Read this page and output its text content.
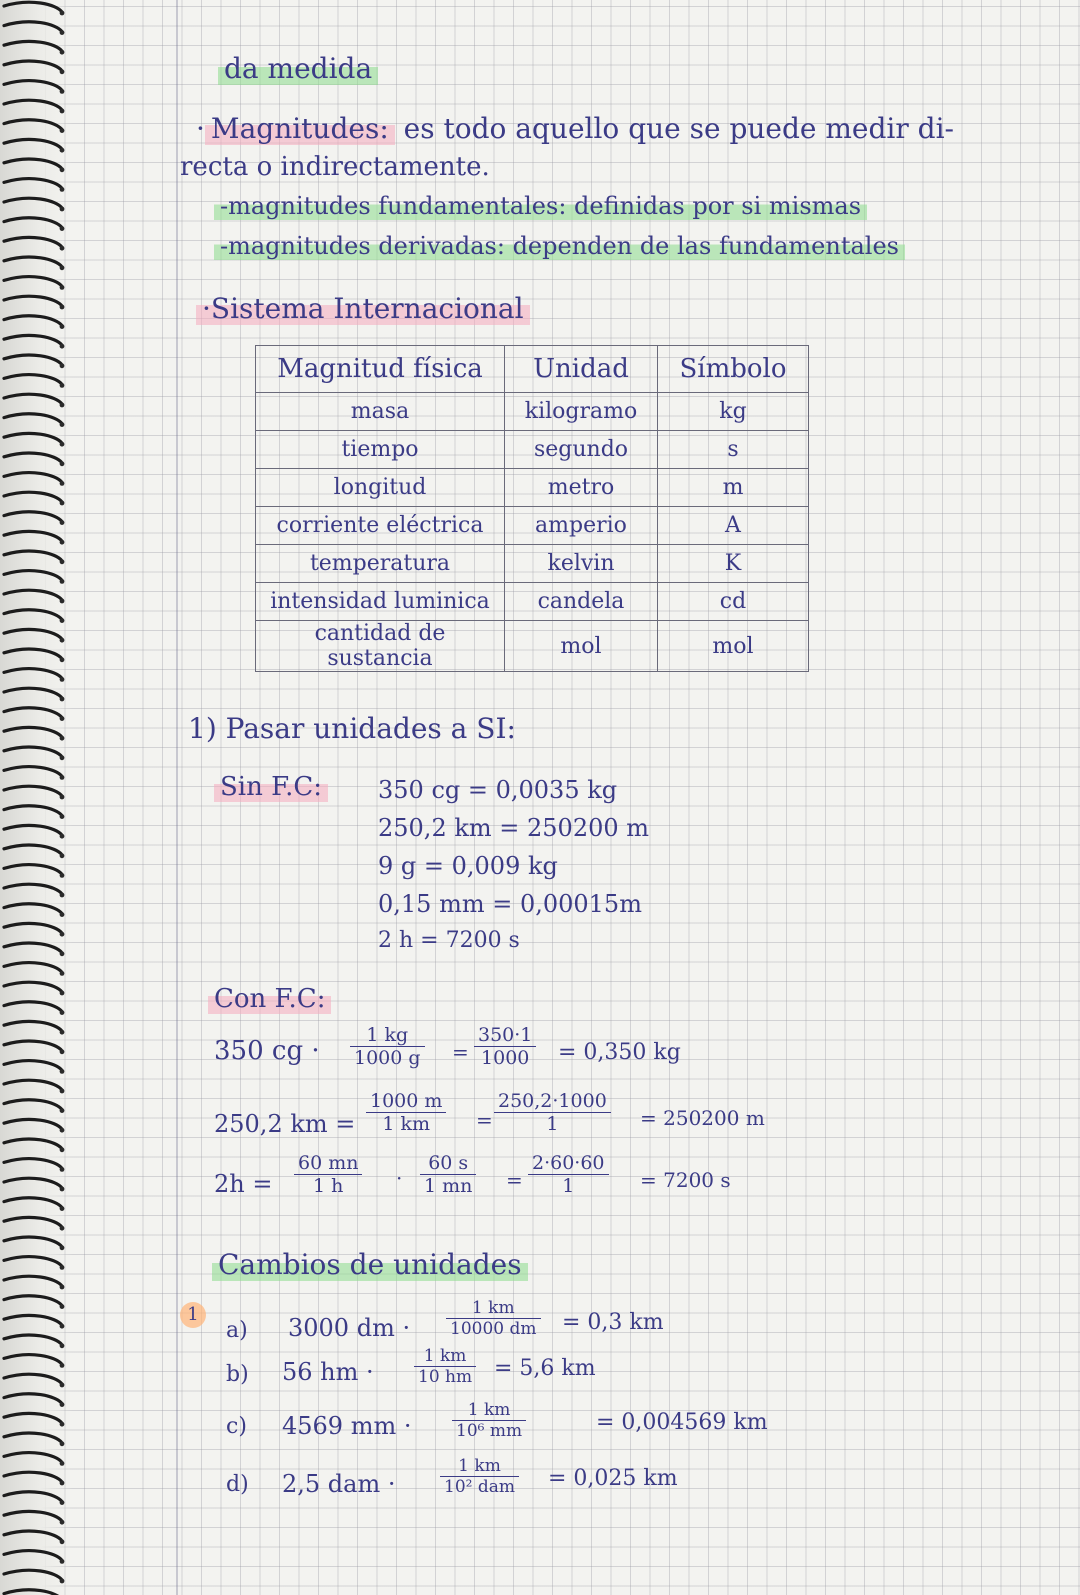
da medida
· Magnitudes: es todo aquello que se puede medir di-
recta o indirectamente.
-magnitudes fundamentales: definidas por si mismas
-magnitudes derivadas: dependen de las fundamentales
·Sistema Internacional
Magnitud física	Unidad	Símbolo
masa	kilogramo	kg
tiempo	segundo	s
longitud	metro	m
corriente eléctrica	amperio	A
temperatura	kelvin	K
intensidad luminica	candela	cd
cantidad de sustancia	mol	mol
1) Pasar unidades a SI:
Sin F.C: 350 cg = 0,0035 kg
250,2 km = 250200 m
9 g = 0,009 kg
0,15 mm = 0,00015m
2 h = 7200 s
Con F.C:
350 cg · $\frac{1 kg}{1000 g} = \frac{350\cdot 1}{1000} = 0,350$ kg
250,2 km = $\frac{1000 m}{1 km} = \frac{250,2\cdot 1000}{1} = 250200$ m
$2h = \frac{60 mn}{1 h} \cdot \frac{60 s}{1 mn} = \frac{2\cdot 60\cdot 60}{1} = 7200$ s
Cambios de unidades
1
a) 3000 dm · $\frac{1 km}{10000 dm} = 0,3$ km
b) 56 hm · $\frac{1 km}{10 hm} = 5,6$ km
c) 4569 mm · $\frac{1 km}{\text{10⁶ mm}}$	= 0,004569 km
d) 2,5 dam ·
1 km
10² dam = 0,025 km
